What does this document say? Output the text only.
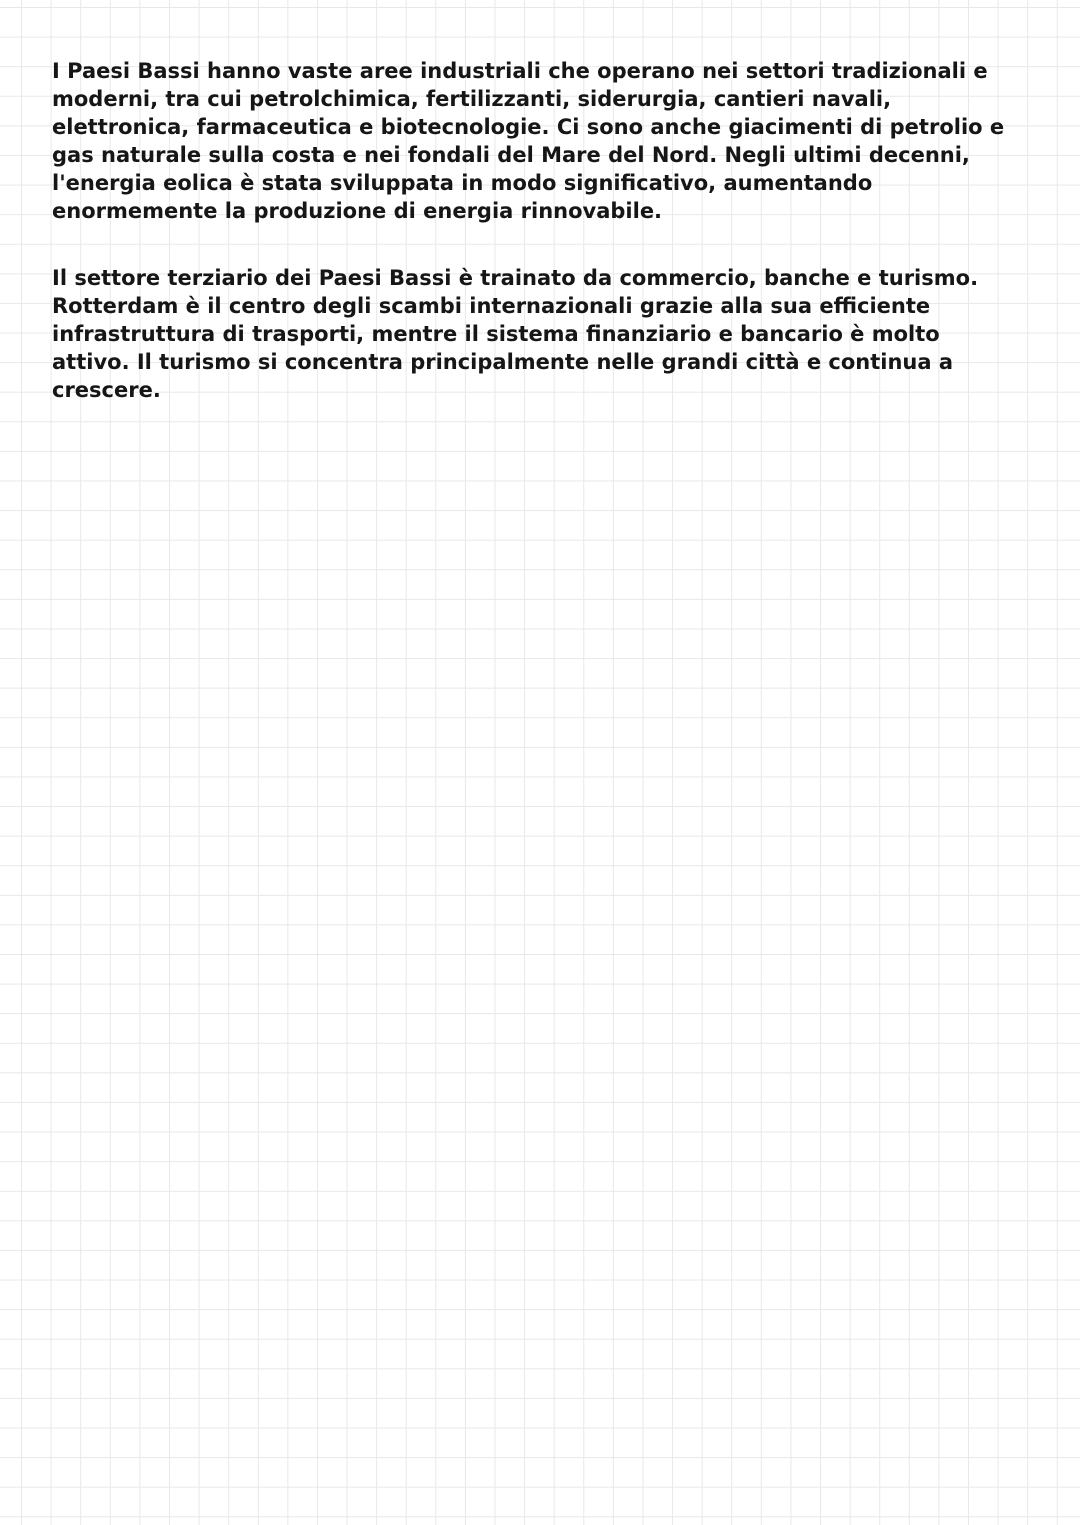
I Paesi Bassi hanno vaste aree industriali che operano nei settori tradizionali e
moderni, tra cui petrolchimica, fertilizzanti, siderurgia, cantieri navali,
elettronica, farmaceutica e biotecnologie. Ci sono anche giacimenti di petrolio e
gas naturale sulla costa e nei fondali del Mare del Nord. Negli ultimi decenni,
l'energia eolica è stata sviluppata in modo significativo, aumentando
enormemente la produzione di energia rinnovabile.

Il settore terziario dei Paesi Bassi è trainato da commercio, banche e turismo.
Rotterdam è il centro degli scambi internazionali grazie alla sua efficiente
infrastruttura di trasporti, mentre il sistema finanziario e bancario è molto
attivo. Il turismo si concentra principalmente nelle grandi città e continua a
crescere.
